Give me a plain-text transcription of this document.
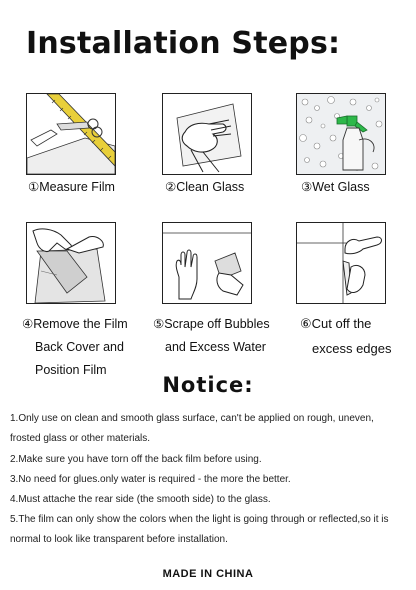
Installation Steps:
①Measure Film	②Clean Glass	③Wet Glass
④Remove the Film
Back Cover and
Position Film
⑤Scrape off Bubbles
and Excess Water
⑥Cut off the
excess edges
Notice:
1.Only use on clean and smooth glass surface, can't be applied on rough, uneven,
frosted glass or other materials.
2.Make sure you have torn off the back film before using.
3.No need for glues.only water is required - the more the better.
4.Must attache the rear side (the smooth side) to the glass.
5.The film can only show the colors when the light is going through or reflected,so it is
normal to look like transparent before installation.
MADE IN CHINA
